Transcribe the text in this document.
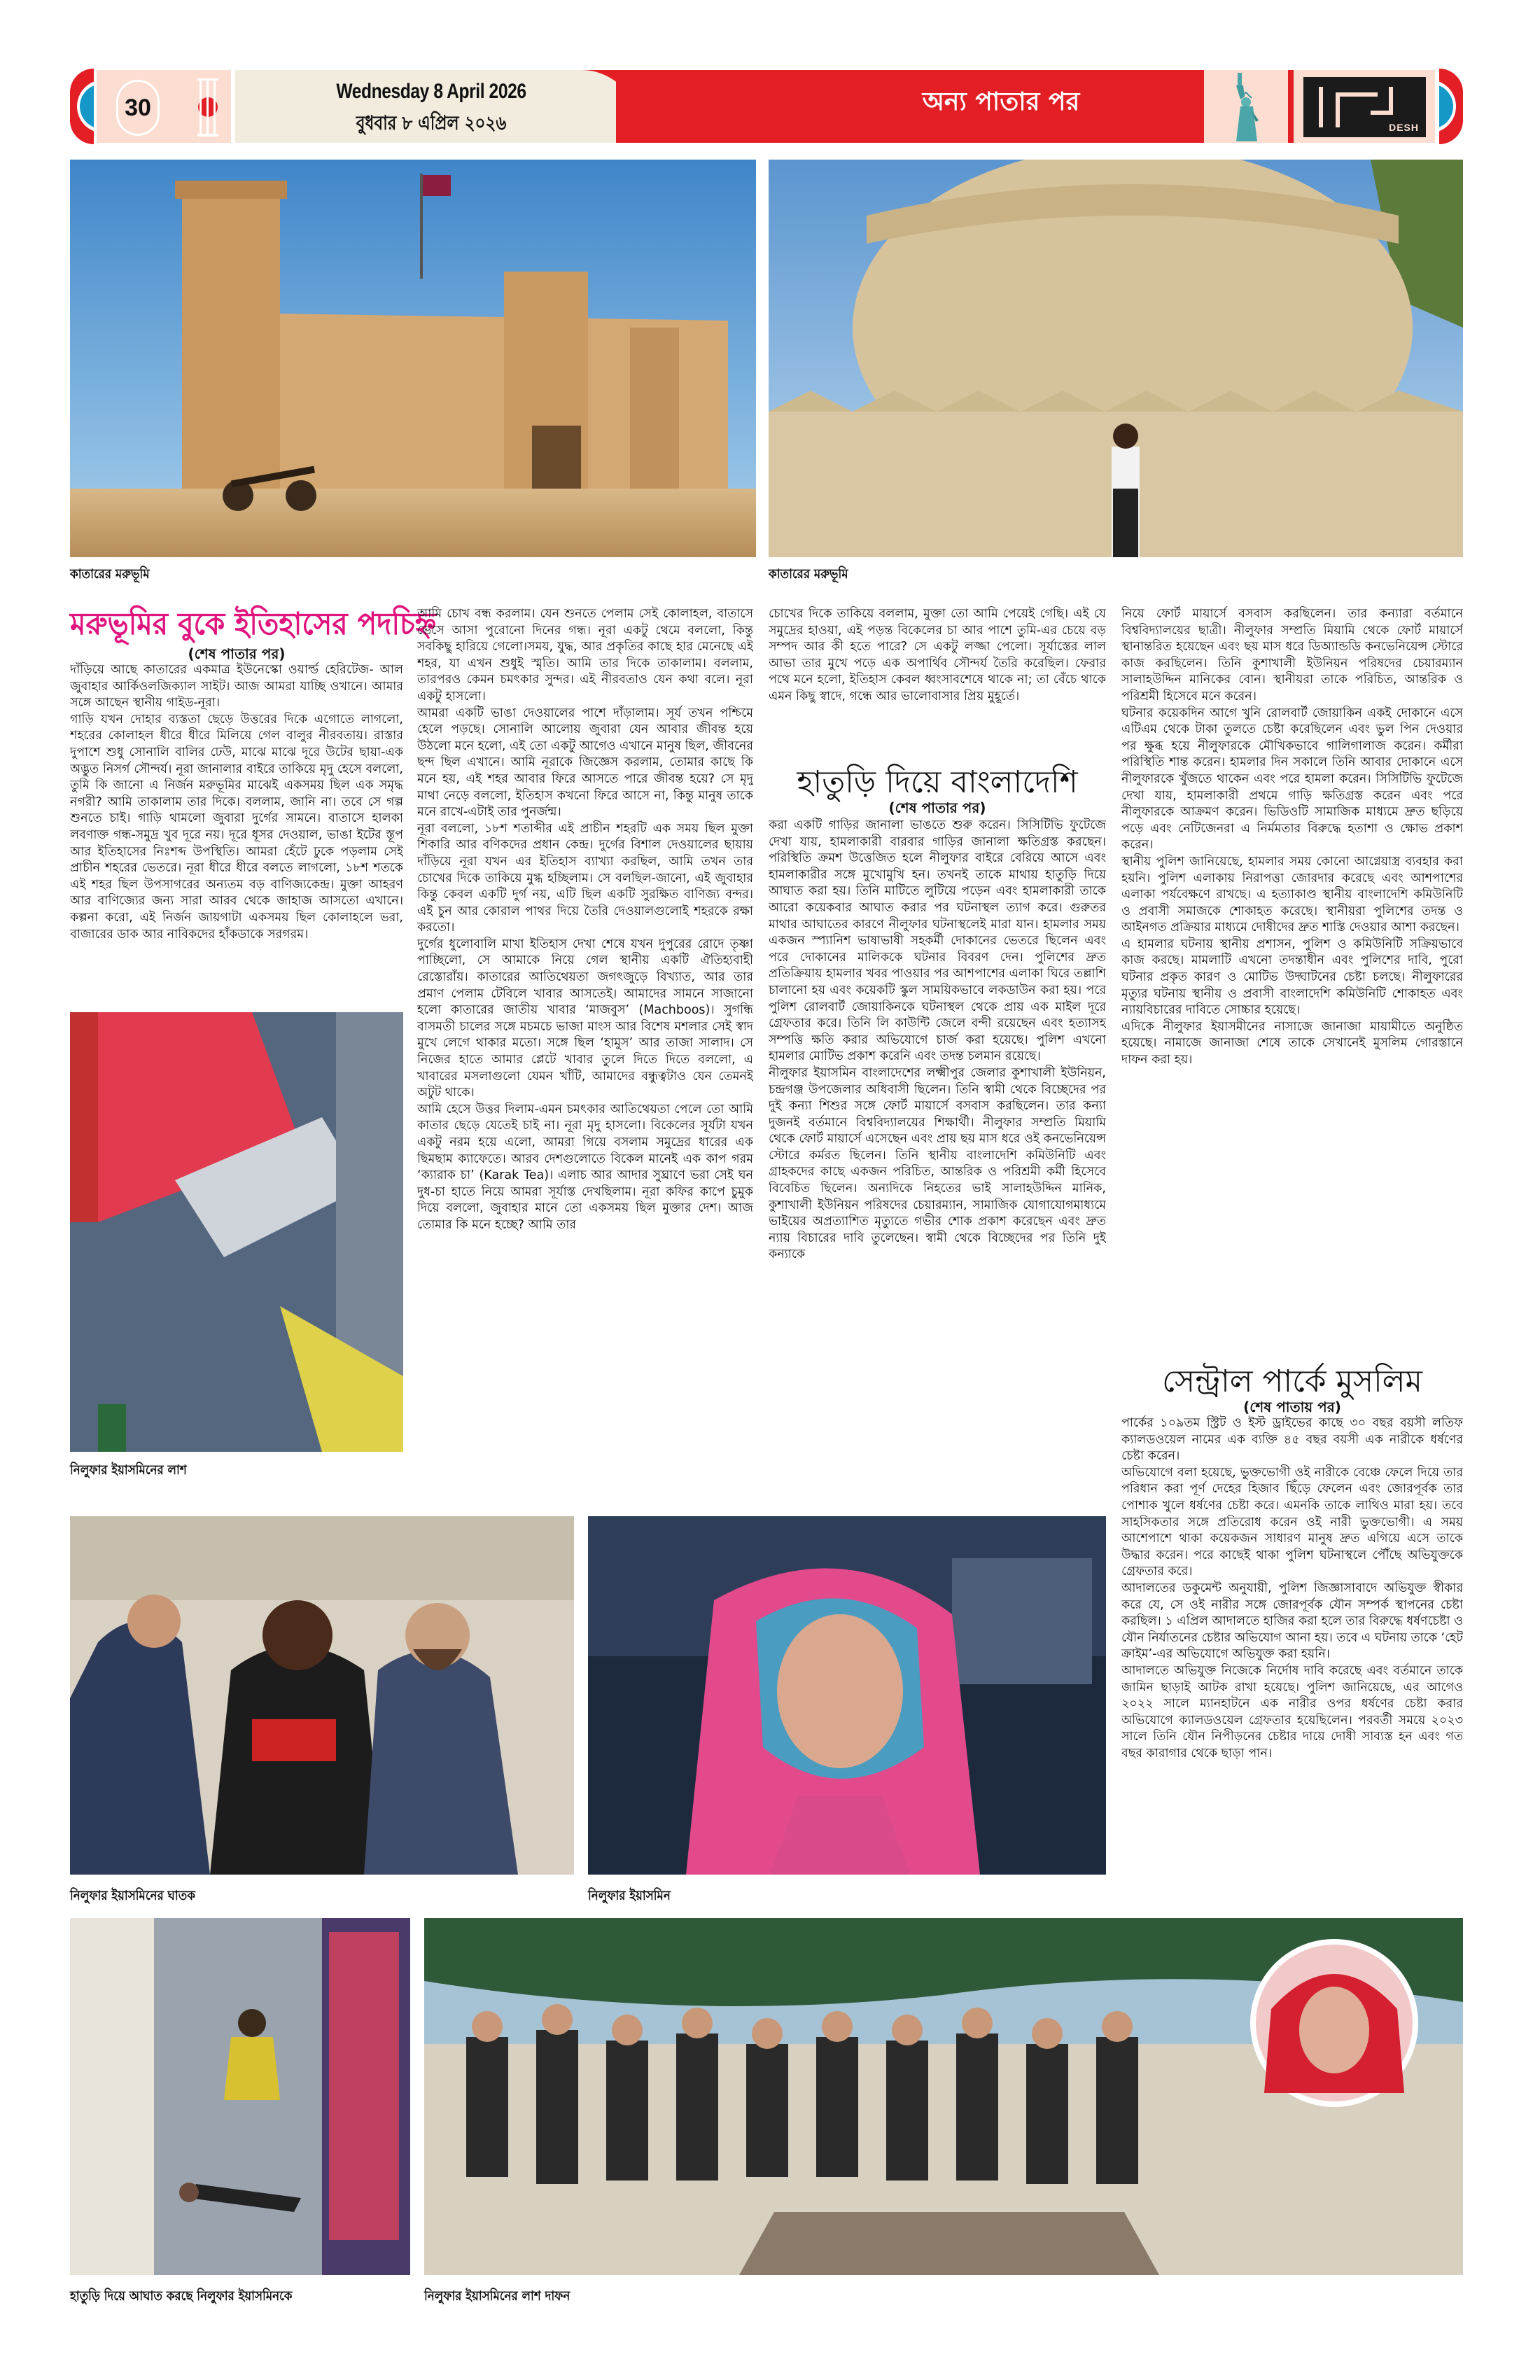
30
Wednesday 8 April 2026
বুধবার ৮ এপ্রিল ২০২৬
অন্য পাতার পর
DESH
কাতারের মরুভূমি	কাতারের মরুভূমি
মরুভূমির বুকে ইতিহাসের পদচিহ্ন
(শেষ পাতার পর)

দাঁড়িয়ে আছে কাতারের একমাত্র ইউনেস্কো ওয়ার্ল্ড হেরিটেজ- আল জুবাহার আর্কিওলজিক্যাল সাইট। আজ আমরা যাচ্ছি ওখানে। আমার সঙ্গে আছেন স্থানীয় গাইড-নূরা।

গাড়ি যখন দোহার ব্যস্ততা ছেড়ে উত্তরের দিকে এগোতে লাগলো, শহরের কোলাহল ধীরে ধীরে মিলিয়ে গেল বালুর নীরবতায়। রাস্তার দুপাশে শুধু সোনালি বালির ঢেউ, মাঝে মাঝে দূরে উটের ছায়া-এক অদ্ভুত নিসর্গ সৌন্দর্য। নূরা জানালার বাইরে তাকিয়ে মৃদু হেসে বললো, তুমি কি জানো এ নির্জন মরুভূমির মাঝেই একসময় ছিল এক সমৃদ্ধ নগরী? আমি তাকালাম তার দিকে। বললাম, জানি না। তবে সে গল্প শুনতে চাই। গাড়ি থামলো জুবারা দুর্গের সামনে। বাতাসে হালকা লবণাক্ত গন্ধ-সমুদ্র খুব দূরে নয়। দূরে ধূসর দেওয়াল, ভাঙা ইটের স্তূপ আর ইতিহাসের নিঃশব্দ উপস্থিতি। আমরা হেঁটে ঢুকে পড়লাম সেই প্রাচীন শহরের ভেতরে। নূরা ধীরে ধীরে বলতে লাগলো, ১৮শ শতকে এই শহর ছিল উপসাগরের অন্যতম বড় বাণিজ্যকেন্দ্র। মুক্তা আহরণ আর বাণিজ্যের জন্য সারা আরব থেকে জাহাজ আসতো এখানে। কল্পনা করো, এই নির্জন জায়গাটা একসময় ছিল কোলাহলে ভরা, বাজারের ডাক আর নাবিকদের হাঁকডাকে সরগরম।

নিলুফার ইয়াসমিনের লাশ

আমি চোখ বন্ধ করলাম। যেন শুনতে পেলাম সেই কোলাহল, বাতাসে ভেসে আসা পুরোনো দিনের গন্ধ। নূরা একটু থেমে বললো, কিন্তু সবকিছু হারিয়ে গেলো।সময়, যুদ্ধ, আর প্রকৃতির কাছে হার মেনেছে এই শহর, যা এখন শুধুই স্মৃতি। আমি তার দিকে তাকালাম। বললাম, তারপরও কেমন চমৎকার সুন্দর। এই নীরবতাও যেন কথা বলে। নূরা একটু হাসলো।

আমরা একটি ভাঙা দেওয়ালের পাশে দাঁড়ালাম। সূর্য তখন পশ্চিমে হেলে পড়ছে। সোনালি আলোয় জুবারা যেন আবার জীবন্ত হয়ে উঠলো মনে হলো, এই তো একটু আগেও এখানে মানুষ ছিল, জীবনের ছন্দ ছিল এখানে। আমি নূরাকে জিজ্ঞেস করলাম, তোমার কাছে কি মনে হয়, এই শহর আবার ফিরে আসতে পারে জীবন্ত হয়ে? সে মৃদু মাথা নেড়ে বললো, ইতিহাস কখনো ফিরে আসে না, কিন্তু মানুষ তাকে মনে রাখে-এটাই তার পুনর্জন্ম।

নূরা বললো, ১৮শ শতাব্দীর এই প্রাচীন শহরটি এক সময় ছিল মুক্তা শিকারি আর বণিকদের প্রধান কেন্দ্র। দুর্গের বিশাল দেওয়ালের ছায়ায় দাঁড়িয়ে নূরা যখন এর ইতিহাস ব্যাখ্যা করছিল, আমি তখন তার চোখের দিকে তাকিয়ে মুগ্ধ হচ্ছিলাম। সে বলছিল-জানো, এই জুবাহার কিন্তু কেবল একটি দুর্গ নয়, এটি ছিল একটি সুরক্ষিত বাণিজ্য বন্দর। এই চুন আর কোরাল পাথর দিয়ে তৈরি দেওয়ালগুলোই শহরকে রক্ষা করতো।

দুর্গের ধুলোবালি মাখা ইতিহাস দেখা শেষে যখন দুপুরের রোদে তৃষ্ণা পাচ্ছিলো, সে আমাকে নিয়ে গেল স্থানীয় একটি ঐতিহ্যবাহী রেস্তোরাঁয়। কাতারের আতিথেয়তা জগৎজুড়ে বিখ্যাত, আর তার প্রমাণ পেলাম টেবিলে খাবার আসতেই। আমাদের সামনে সাজানো হলো কাতারের জাতীয় খাবার ‘মাজবুস’ (Machboos)। সুগন্ধি বাসমতী চালের সঙ্গে মচমচে ভাজা মাংস আর বিশেষ মশলার সেই স্বাদ মুখে লেগে থাকার মতো। সঙ্গে ছিল ‘হামুস’ আর তাজা সালাদ। সে নিজের হাতে আমার প্লেটে খাবার তুলে দিতে দিতে বললো, এ খাবারের মসলাগুলো যেমন খাঁটি, আমাদের বন্ধুত্বটাও যেন তেমনই অটুট থাকে।

আমি হেসে উত্তর দিলাম-এমন চমৎকার আতিথেয়তা পেলে তো আমি কাতার ছেড়ে যেতেই চাই না। নূরা মৃদু হাসলো। বিকেলের সূর্যটা যখন একটু নরম হয়ে এলো, আমরা গিয়ে বসলাম সমুদ্রের ধারের এক ছিমছাম ক্যাফেতে। আরব দেশগুলোতে বিকেল মানেই এক কাপ গরম ‘ক্যারাক চা’ (Karak Tea)। এলাচ আর আদার সুঘ্রাণে ভরা সেই ঘন দুধ-চা হাতে নিয়ে আমরা সূর্যাস্ত দেখছিলাম। নূরা কফির কাপে চুমুক দিয়ে বললো, জুবাহার মানে তো একসময় ছিল মুক্তার দেশ। আজ তোমার কি মনে হচ্ছে? আমি তার

চোখের দিকে তাকিয়ে বললাম, মুক্তা তো আমি পেয়েই গেছি। এই যে সমুদ্রের হাওয়া, এই পড়ন্ত বিকেলের চা আর পাশে তুমি-এর চেয়ে বড় সম্পদ আর কী হতে পারে? সে একটু লজ্জা পেলো। সূর্যাস্তের লাল আভা তার মুখে পড়ে এক অপার্থিব সৌন্দর্য তৈরি করেছিল। ফেরার পথে মনে হলো, ইতিহাস কেবল ধ্বংসাবশেষে থাকে না; তা বেঁচে থাকে এমন কিছু স্বাদে, গন্ধে আর ভালোবাসার প্রিয় মুহূর্তে।

হাতুড়ি দিয়ে বাংলাদেশি
(শেষ পাতার পর)

করা একটি গাড়ির জানালা ভাঙতে শুরু করেন। সিসিটিভি ফুটেজে দেখা যায়, হামলাকারী বারবার গাড়ির জানালা ক্ষতিগ্রস্ত করছেন। পরিস্থিতি ক্রমশ উত্তেজিত হলে নীলুফার বাইরে বেরিয়ে আসে এবং হামলাকারীর সঙ্গে মুখোমুখি হন। তখনই তাকে মাথায় হাতুড়ি দিয়ে আঘাত করা হয়। তিনি মাটিতে লুটিয়ে পড়েন এবং হামলাকারী তাকে আরো কয়েকবার আঘাত করার পর ঘটনাস্থল ত্যাগ করে। গুরুতর মাথার আঘাতের কারণে নীলুফার ঘটনাস্থলেই মারা যান। হামলার সময় একজন স্প্যানিশ ভাষাভাষী সহকর্মী দোকানের ভেতরে ছিলেন এবং পরে দোকানের মালিককে ঘটনার বিবরণ দেন। পুলিশের দ্রুত প্রতিক্রিয়ায় হামলার খবর পাওয়ার পর আশপাশের এলাকা ঘিরে তল্লাশি চালানো হয় এবং কয়েকটি স্কুল সাময়িকভাবে লকডাউন করা হয়। পরে পুলিশ রোলবার্ট জোয়াকিনকে ঘটনাস্থল থেকে প্রায় এক মাইল দূরে গ্রেফতার করে। তিনি লি কাউন্টি জেলে বন্দী রয়েছেন এবং হত্যাসহ সম্পত্তি ক্ষতি করার অভিযোগে চার্জ করা হয়েছে। পুলিশ এখনো হামলার মোটিভ প্রকাশ করেনি এবং তদন্ত চলমান রয়েছে।

নীলুফার ইয়াসমিন বাংলাদেশের লক্ষ্মীপুর জেলার কুশাখালী ইউনিয়ন, চন্দ্রগঞ্জ উপজেলার অধিবাসী ছিলেন। তিনি স্বামী থেকে বিচ্ছেদের পর দুই কন্যা শিশুর সঙ্গে ফোর্ট মায়ার্সে বসবাস করছিলেন। তার কন্যা দুজনই বর্তমানে বিশ্ববিদ্যালয়ের শিক্ষার্থী। নীলুফার সম্প্রতি মিয়ামি থেকে ফোর্ট মায়ার্সে এসেছেন এবং প্রায় ছয় মাস ধরে ওই কনভেনিয়েন্স স্টোরে কর্মরত ছিলেন। তিনি স্থানীয় বাংলাদেশি কমিউনিটি এবং গ্রাহকদের কাছে একজন পরিচিত, আন্তরিক ও পরিশ্রমী কর্মী হিসেবে বিবেচিত ছিলেন। অন্যদিকে নিহতের ভাই সালাহউদ্দিন মানিক, কুশাখালী ইউনিয়ন পরিষদের চেয়ারম্যান, সামাজিক যোগাযোগমাধ্যমে ভাইয়ের অপ্রত্যাশিত মৃত্যুতে গভীর শোক প্রকাশ করেছেন এবং দ্রুত ন্যায় বিচারের দাবি তুলেছেন। স্বামী থেকে বিচ্ছেদের পর তিনি দুই কন্যাকে

নিয়ে ফোর্ট মায়ার্সে বসবাস করছিলেন। তার কন্যারা বর্তমানে বিশ্ববিদ্যালয়ের ছাত্রী। নীলুফার সম্প্রতি মিয়ামি থেকে ফোর্ট মায়ার্সে স্থানান্তরিত হয়েছেন এবং ছয় মাস ধরে ডিঅ্যান্ডডি কনভেনিয়েন্স স্টোরে কাজ করছিলেন। তিনি কুশাখালী ইউনিয়ন পরিষদের চেয়ারম্যান সালাহউদ্দিন মানিকের বোন। স্থানীয়রা তাকে পরিচিত, আন্তরিক ও পরিশ্রমী হিসেবে মনে করেন।

ঘটনার কয়েকদিন আগে খুনি রোলবার্ট জোয়াকিন একই দোকানে এসে এটিএম থেকে টাকা তুলতে চেষ্টা করেছিলেন এবং ভুল পিন দেওয়ার পর ক্ষুব্ধ হয়ে নীলুফারকে মৌখিকভাবে গালিগালাজ করেন। কর্মীরা পরিস্থিতি শান্ত করেন। হামলার দিন সকালে তিনি আবার দোকানে এসে নীলুফারকে খুঁজতে থাকেন এবং পরে হামলা করেন। সিসিটিভি ফুটেজে দেখা যায়, হামলাকারী প্রথমে গাড়ি ক্ষতিগ্রস্ত করেন এবং পরে নীলুফারকে আক্রমণ করেন। ভিডিওটি সামাজিক মাধ্যমে দ্রুত ছড়িয়ে পড়ে এবং নেটিজেনরা এ নির্মমতার বিরুদ্ধে হতাশা ও ক্ষোভ প্রকাশ করেন।

স্থানীয় পুলিশ জানিয়েছে, হামলার সময় কোনো আগ্নেয়াস্ত্র ব্যবহার করা হয়নি। পুলিশ এলাকায় নিরাপত্তা জোরদার করেছে এবং আশপাশের এলাকা পর্যবেক্ষণে রাখছে। এ হত্যাকাণ্ড স্থানীয় বাংলাদেশি কমিউনিটি ও প্রবাসী সমাজকে শোকাহত করেছে। স্থানীয়রা পুলিশের তদন্ত ও আইনগত প্রক্রিয়ার মাধ্যমে দোষীদের দ্রুত শাস্তি দেওয়ার আশা করছেন।

এ হামলার ঘটনায় স্থানীয় প্রশাসন, পুলিশ ও কমিউনিটি সক্রিয়ভাবে কাজ করছে। মামলাটি এখনো তদন্তাধীন এবং পুলিশের দাবি, পুরো ঘটনার প্রকৃত কারণ ও মোটিভ উদ্ঘাটনের চেষ্টা চলছে। নীলুফারের মৃত্যুর ঘটনায় স্থানীয় ও প্রবাসী বাংলাদেশি কমিউনিটি শোকাহত এবং ন্যায়বিচারের দাবিতে সোচ্চার হয়েছে।

এদিকে নীলুফার ইয়াসমীনের নাসাজে জানাজা মায়ামীতে অনুষ্ঠিত হয়েছে। নামাজে জানাজা শেষে তাকে সেখানেই মুসলিম গোরস্তানে দাফন করা হয়।

সেন্ট্রাল পার্কে মুসলিম
(শেষ পাতায় পর)

পার্কের ১০৯তম স্ট্রিট ও ইস্ট ড্রাইভের কাছে ৩০ বছর বয়সী লতিফ ক্যালডওয়েল নামের এক ব্যক্তি ৪৫ বছর বয়সী এক নারীকে ধর্ষণের চেষ্টা করেন।

অভিযোগে বলা হয়েছে, ভুক্তভোগী ওই নারীকে বেঞ্চে ফেলে দিয়ে তার পরিধান করা পূর্ণ দেহের হিজাব ছিঁড়ে ফেলেন এবং জোরপূর্বক তার পোশাক খুলে ধর্ষণের চেষ্টা করে। এমনকি তাকে লাথিও মারা হয়। তবে সাহসিকতার সঙ্গে প্রতিরোধ করেন ওই নারী ভুক্তভোগী। এ সময় আশেপাশে থাকা কয়েকজন সাধারণ মানুষ দ্রুত এগিয়ে এসে তাকে উদ্ধার করেন। পরে কাছেই থাকা পুলিশ ঘটনাস্থলে পৌঁছে অভিযুক্তকে গ্রেফতার করে।

আদালতের ডকুমেন্ট অনুযায়ী, পুলিশ জিজ্ঞাসাবাদে অভিযুক্ত স্বীকার করে যে, সে ওই নারীর সঙ্গে জোরপূর্বক যৌন সম্পর্ক স্থাপনের চেষ্টা করছিল। ১ এপ্রিল আদালতে হাজির করা হলে তার বিরুদ্ধে ধর্ষণচেষ্টা ও যৌন নির্যাতনের চেষ্টার অভিযোগ আনা হয়। তবে এ ঘটনায় তাকে ‘হেট ক্রাইম’-এর অভিযোগে অভিযুক্ত করা হয়নি।

আদালতে অভিযুক্ত নিজেকে নির্দোষ দাবি করেছে এবং বর্তমানে তাকে জামিন ছাড়াই আটক রাখা হয়েছে। পুলিশ জানিয়েছে, এর আগেও ২০২২ সালে ম্যানহাটনে এক নারীর ওপর ধর্ষণের চেষ্টা করার অভিযোগে ক্যালডওয়েল গ্রেফতার হয়েছিলেন। পরবর্তী সময়ে ২০২৩ সালে তিনি যৌন নিপীড়নের চেষ্টার দায়ে দোষী সাব্যস্ত হন এবং গত বছর কারাগার থেকে ছাড়া পান।

নিলুফার ইয়াসমিনের ঘাতক	নিলুফার ইয়াসমিন
হাতুড়ি দিয়ে আঘাত করছে নিলুফার ইয়াসমিনকে	নিলুফার ইয়াসমিনের লাশ দাফন
